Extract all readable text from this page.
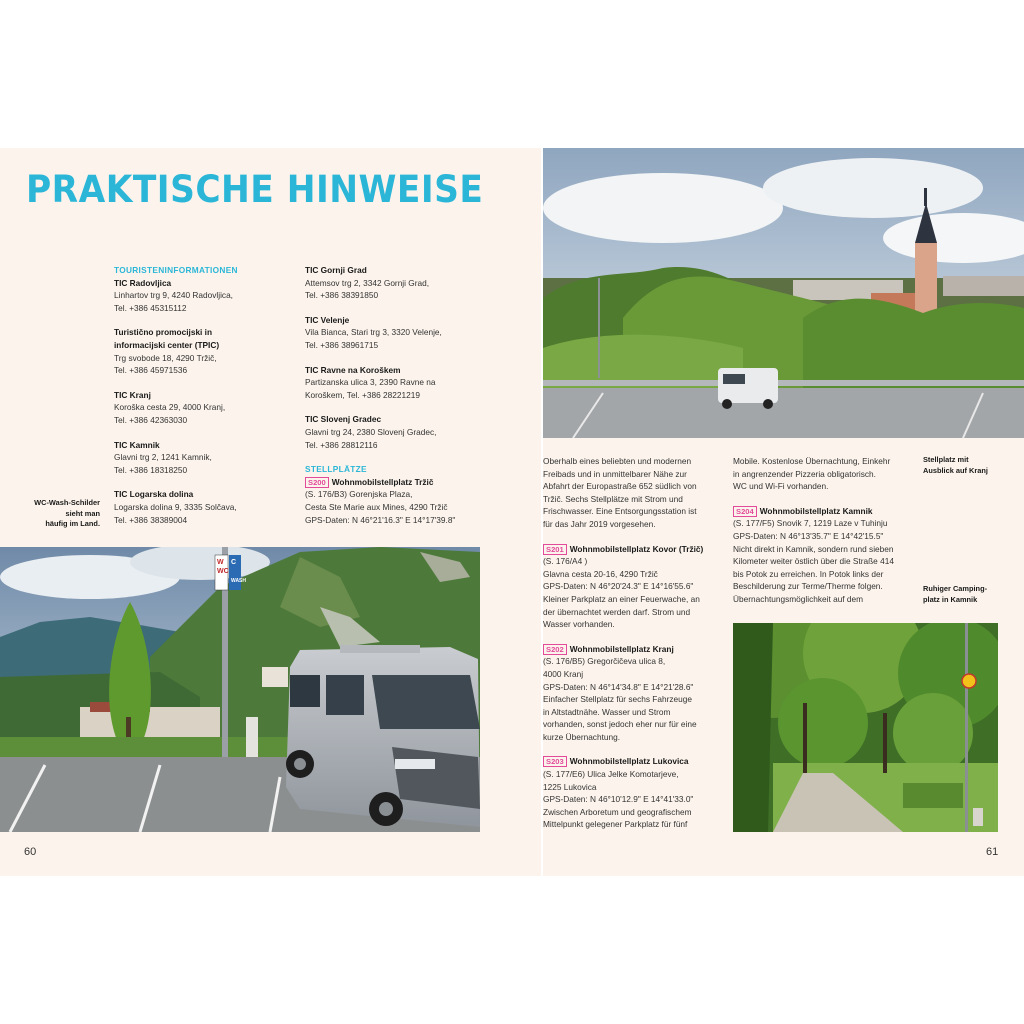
PRAKTISCHE HINWEISE

TOURISTENINFORMATIONEN

TIC Radovljica

Linhartov trg 9, 4240 Radovljica,

Tel. +386 45315112

Turistično promocijski in informacijski center (TPIC)

Trg svobode 18, 4290 Tržič,

Tel. +386 45971536

TIC Kranj

Koroška cesta 29, 4000 Kranj,

Tel. +386 42363030

TIC Kamnik

Glavni trg 2, 1241 Kamnik,

Tel. +386 18318250

TIC Logarska dolina

Logarska dolina 9, 3335 Solčava,

Tel. +386 38389004

TIC Gornji Grad

Attemsov trg 2, 3342 Gornji Grad,

Tel. +386 38391850

TIC Velenje

Vila Bianca, Stari trg 3, 3320 Velenje,

Tel. +386 38961715

TIC Ravne na Koroškem

Partizanska ulica 3, 2390 Ravne na

Koroškem, Tel. +386 28221219

TIC Slovenj Gradec

Glavni trg 24, 2380 Slovenj Gradec,

Tel. +386 28812116

STELLPLÄTZE

S200 Wohnmobilstellplatz Tržič

(S. 176/B3) Gorenjska Plaza,

Cesta Ste Marie aux Mines, 4290 Tržič

GPS-Daten: N 46°21'16.3" E 14°17'39.8"

WC-Wash-Schilder

sieht man

häufig im Land.

W C
WC
WASH
60

Oberhalb eines beliebten und modernen

Freibads und in unmittelbarer Nähe zur

Abfahrt der Europastraße 652 südlich von

Tržič. Sechs Stellplätze mit Strom und

Frischwasser. Eine Entsorgungsstation ist

für das Jahr 2019 vorgesehen.

S201 Wohnmobilstellplatz Kovor (Tržič)

(S. 176/A4 )

Glavna cesta 20-16, 4290 Tržič

GPS-Daten: N 46°20'24.3" E 14°16'55.6"

Kleiner Parkplatz an einer Feuerwache, an

der übernachtet werden darf. Strom und

Wasser vorhanden.

S202 Wohnmobilstellplatz Kranj

(S. 176/B5) Gregorčičeva ulica 8,

4000 Kranj

GPS-Daten: N 46°14'34.8" E 14°21'28.6"

Einfacher Stellplatz für sechs Fahrzeuge

in Altstadtnähe. Wasser und Strom

vorhanden, sonst jedoch eher nur für eine

kurze Übernachtung.

S203 Wohnmobilstellplatz Lukovica

(S. 177/E6) Ulica Jelke Komotarjeve,

1225 Lukovica

GPS-Daten: N 46°10'12.9" E 14°41'33.0"

Zwischen Arboretum und geografischem

Mittelpunkt gelegener Parkplatz für fünf

Mobile. Kostenlose Übernachtung, Einkehr

in angrenzender Pizzeria obligatorisch.

WC und Wi-Fi vorhanden.

S204 Wohnmobilstellplatz Kamnik

(S. 177/F5) Snovik 7, 1219 Laze v Tuhinju

GPS-Daten: N 46°13'35.7" E 14°42'15.5"

Nicht direkt in Kamnik, sondern rund sieben

Kilometer weiter östlich über die Straße 414

bis Potok zu erreichen. In Potok links der

Beschilderung zur Terme/Therme folgen.

Übernachtungsmöglichkeit auf dem

Stellplatz mit

Ausblick auf Kranj

Ruhiger Camping-

platz in Kamnik

61
